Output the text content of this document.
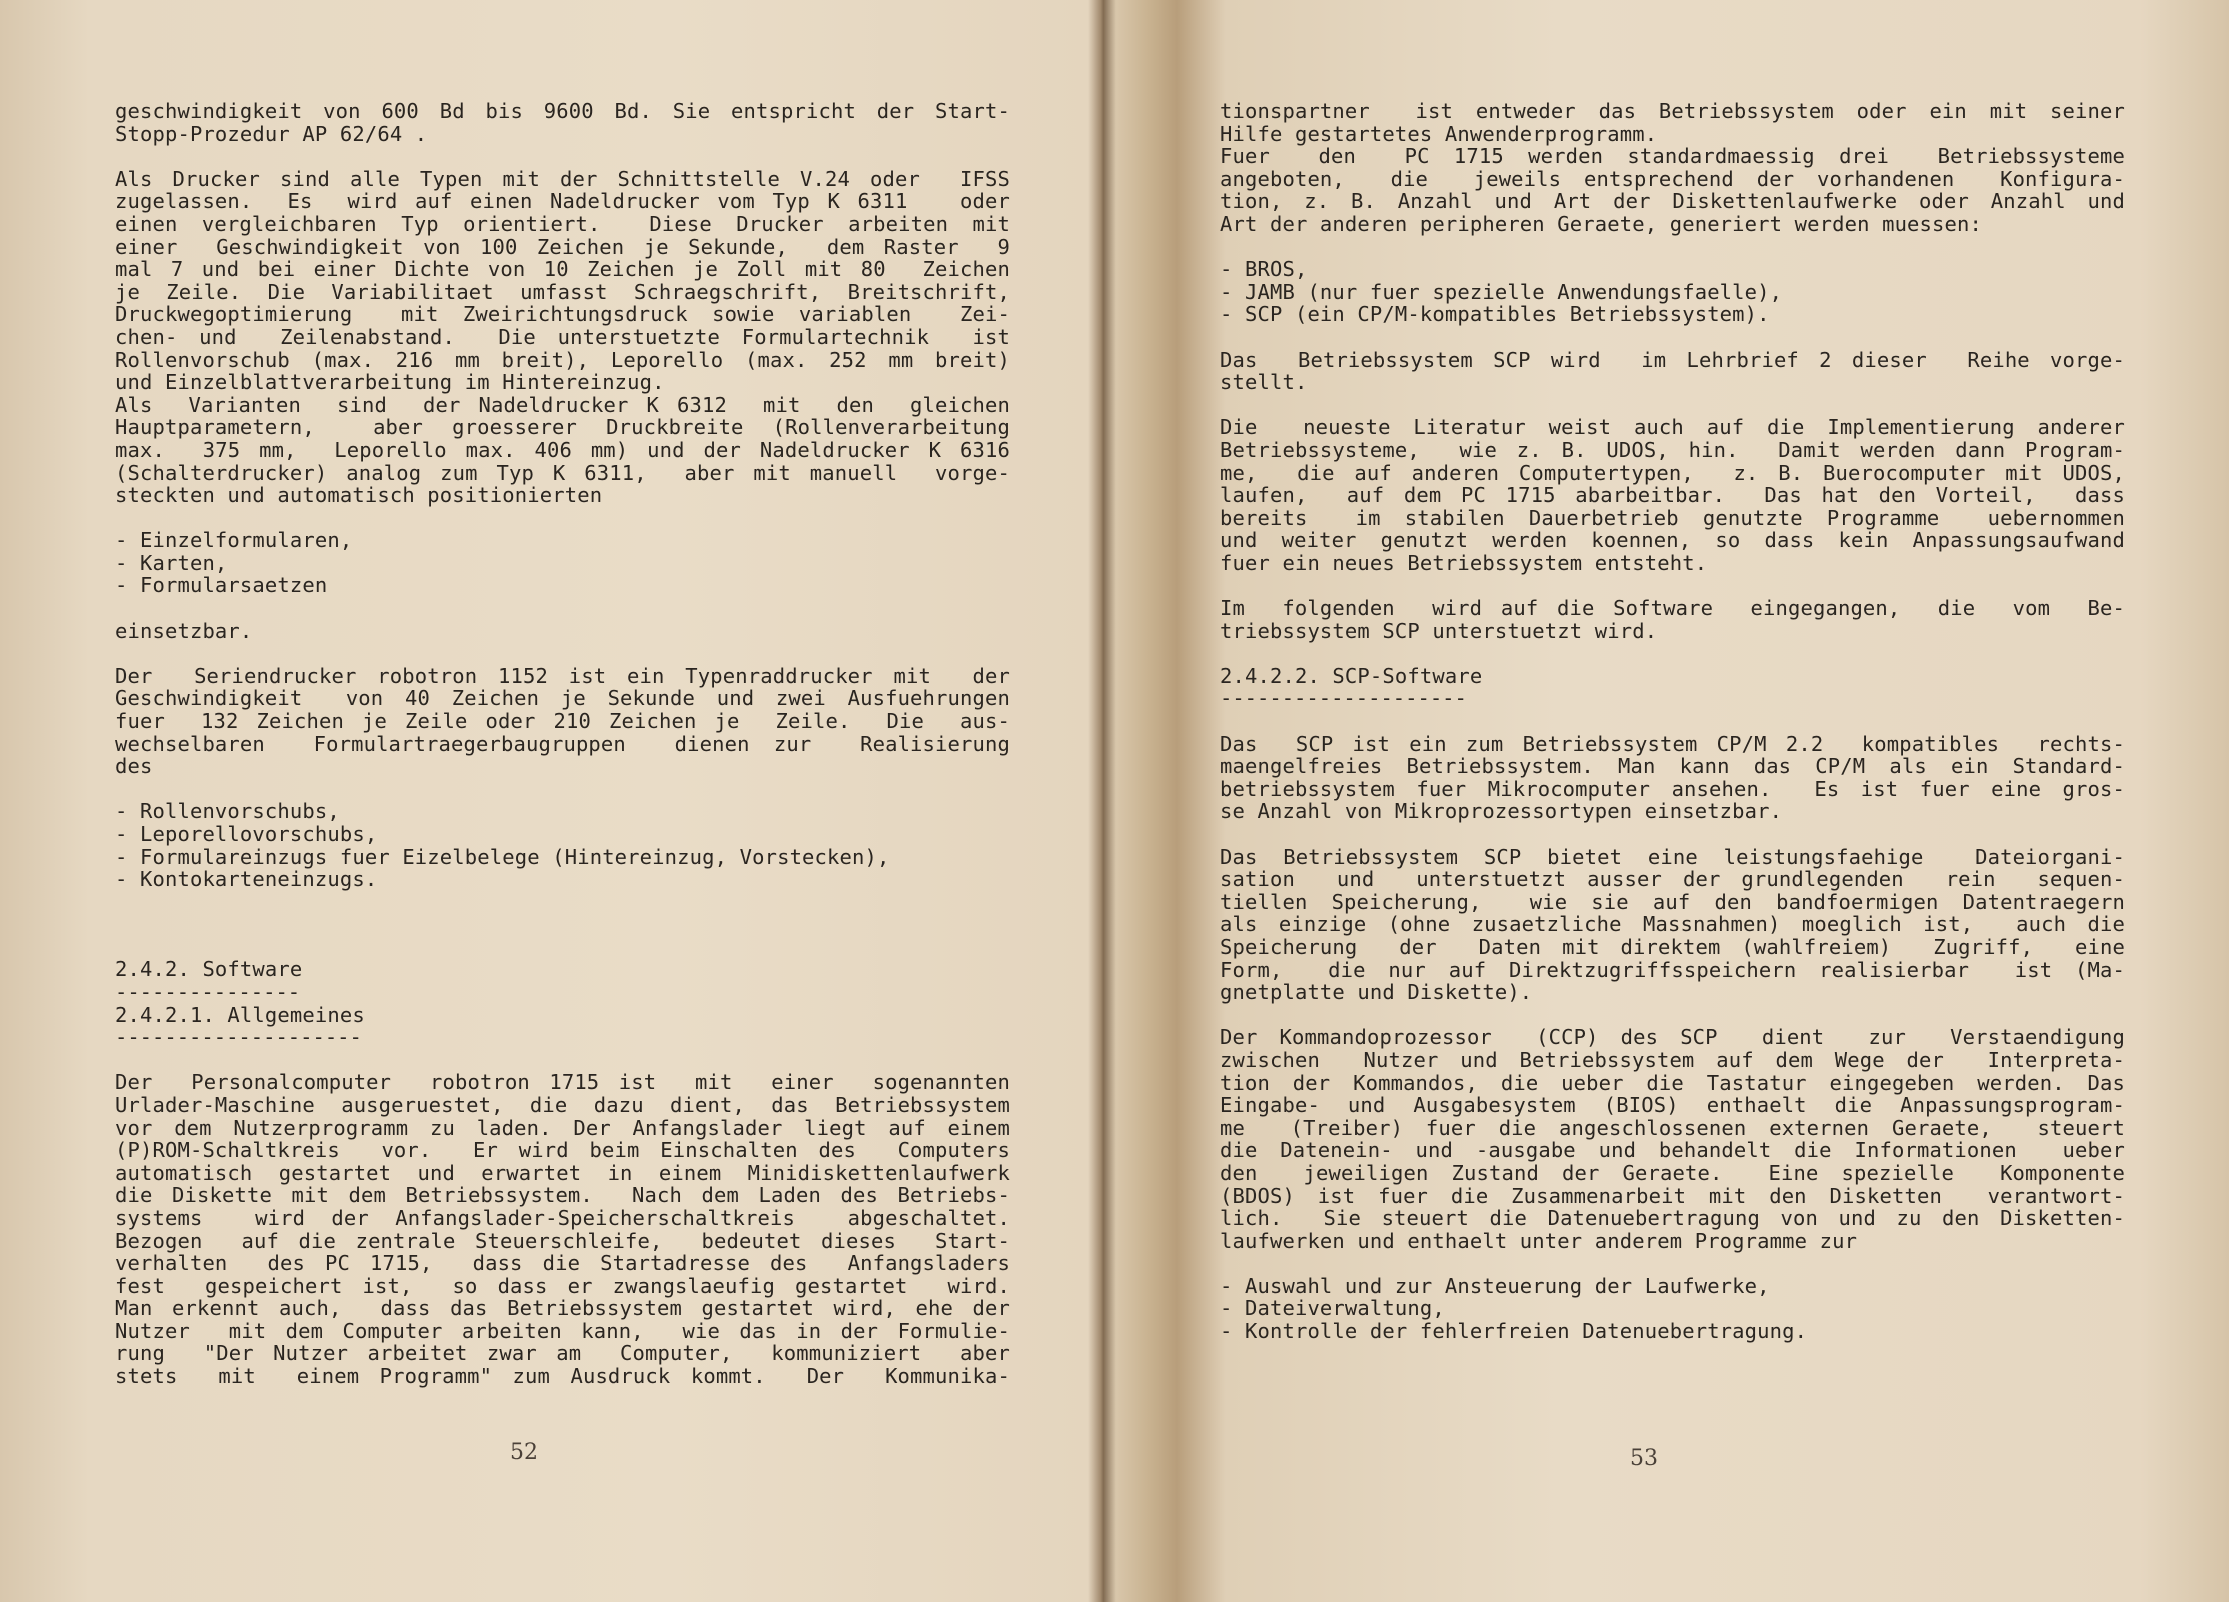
geschwindigkeit von 600 Bd bis 9600 Bd. Sie entspricht der Start-
Stopp-Prozedur AP 62/64 .
Als Drucker sind alle Typen mit der Schnittstelle V.24 oder  IFSS
zugelassen.  Es  wird auf einen Nadeldrucker vom Typ K 6311   oder
einen vergleichbaren Typ orientiert.  Diese Drucker arbeiten mit
einer  Geschwindigkeit von 100 Zeichen je Sekunde,  dem Raster  9
mal 7 und bei einer Dichte von 10 Zeichen je Zoll mit 80  Zeichen
je Zeile. Die Variabilitaet umfasst Schraegschrift, Breitschrift,
Druckwegoptimierung  mit Zweirichtungsdruck sowie variablen  Zei-
chen- und  Zeilenabstand.  Die unterstuetzte Formulartechnik  ist
Rollenvorschub (max. 216 mm breit), Leporello (max. 252 mm breit)
und Einzelblattverarbeitung im Hintereinzug.
Als  Varianten  sind  der Nadeldrucker K 6312  mit  den  gleichen
Hauptparametern,  aber groesserer Druckbreite (Rollenverarbeitung
max.  375 mm,  Leporello max. 406 mm) und der Nadeldrucker K 6316
(Schalterdrucker) analog zum Typ K 6311,  aber mit manuell  vorge-
steckten und automatisch positionierten
- Einzelformularen,
- Karten,
- Formularsaetzen
einsetzbar.
Der  Seriendrucker robotron 1152 ist ein Typenraddrucker mit  der
Geschwindigkeit  von 40 Zeichen je Sekunde und zwei Ausfuehrungen
fuer  132 Zeichen je Zeile oder 210 Zeichen je  Zeile.  Die  aus-
wechselbaren  Formulartraegerbaugruppen  dienen zur  Realisierung
des
- Rollenvorschubs,
- Leporellovorschubs,
- Formulareinzugs fuer Eizelbelege (Hintereinzug, Vorstecken),
- Kontokarteneinzugs.
2.4.2. Software
---------------
2.4.2.1. Allgemeines
--------------------
Der  Personalcomputer  robotron 1715 ist  mit  einer  sogenannten
Urlader-Maschine ausgeruestet, die dazu dient, das Betriebssystem
vor dem Nutzerprogramm zu laden. Der Anfangslader liegt auf einem
(P)ROM-Schaltkreis  vor.  Er wird beim Einschalten des  Computers
automatisch gestartet und erwartet in einem Minidiskettenlaufwerk
die Diskette mit dem Betriebssystem.  Nach dem Laden des Betriebs-
systems  wird der Anfangslader-Speicherschaltkreis  abgeschaltet.
Bezogen  auf die zentrale Steuerschleife,  bedeutet dieses  Start-
verhalten  des PC 1715,  dass die Startadresse des  Anfangsladers
fest  gespeichert ist,  so dass er zwangslaeufig gestartet  wird.
Man erkennt auch,  dass das Betriebssystem gestartet wird, ehe der
Nutzer  mit dem Computer arbeiten kann,  wie das in der Formulie-
rung  "Der Nutzer arbeitet zwar am  Computer,  kommuniziert  aber
stets  mit  einem Programm" zum Ausdruck kommt.  Der  Kommunika-
52
tionspartner  ist entweder das Betriebssystem oder ein mit seiner
Hilfe gestartetes Anwenderprogramm.
Fuer  den  PC 1715 werden standardmaessig drei  Betriebssysteme
angeboten,  die  jeweils entsprechend der vorhandenen  Konfigura-
tion, z. B. Anzahl und Art der Diskettenlaufwerke oder Anzahl und
Art der anderen peripheren Geraete, generiert werden muessen:
- BROS,
- JAMB (nur fuer spezielle Anwendungsfaelle),
- SCP (ein CP/M-kompatibles Betriebssystem).
Das  Betriebssystem SCP wird  im Lehrbrief 2 dieser  Reihe vorge-
stellt.
Die  neueste Literatur weist auch auf die Implementierung anderer
Betriebssysteme,  wie z. B. UDOS, hin.  Damit werden dann Program-
me,  die auf anderen Computertypen,  z. B. Buerocomputer mit UDOS,
laufen,  auf dem PC 1715 abarbeitbar.  Das hat den Vorteil,  dass
bereits  im stabilen Dauerbetrieb genutzte Programme  uebernommen
und weiter genutzt werden koennen, so dass kein Anpassungsaufwand
fuer ein neues Betriebssystem entsteht.
Im  folgenden  wird auf die Software  eingegangen,  die  vom  Be-
triebssystem SCP unterstuetzt wird.
2.4.2.2. SCP-Software
--------------------
Das  SCP ist ein zum Betriebssystem CP/M 2.2  kompatibles  rechts-
maengelfreies Betriebssystem. Man kann das CP/M als ein Standard-
betriebssystem fuer Mikrocomputer ansehen.  Es ist fuer eine gros-
se Anzahl von Mikroprozessortypen einsetzbar.
Das Betriebssystem SCP bietet eine leistungsfaehige  Dateiorgani-
sation  und  unterstuetzt ausser der grundlegenden  rein  sequen-
tiellen Speicherung,  wie sie auf den bandfoermigen Datentraegern
als einzige (ohne zusaetzliche Massnahmen) moeglich ist,  auch die
Speicherung  der  Daten mit direktem (wahlfreiem)  Zugriff,  eine
Form,  die nur auf Direktzugriffsspeichern realisierbar  ist (Ma-
gnetplatte und Diskette).
Der Kommandoprozessor  (CCP) des SCP  dient  zur  Verstaendigung
zwischen  Nutzer und Betriebssystem auf dem Wege der  Interpreta-
tion der Kommandos, die ueber die Tastatur eingegeben werden. Das
Eingabe- und Ausgabesystem (BIOS) enthaelt die Anpassungsprogram-
me  (Treiber) fuer die angeschlossenen externen Geraete,  steuert
die Datenein- und -ausgabe und behandelt die Informationen  ueber
den  jeweiligen Zustand der Geraete.  Eine spezielle  Komponente
(BDOS) ist fuer die Zusammenarbeit mit den Disketten  verantwort-
lich.  Sie steuert die Datenuebertragung von und zu den Disketten-
laufwerken und enthaelt unter anderem Programme zur
- Auswahl und zur Ansteuerung der Laufwerke,
- Dateiverwaltung,
- Kontrolle der fehlerfreien Datenuebertragung.
53
